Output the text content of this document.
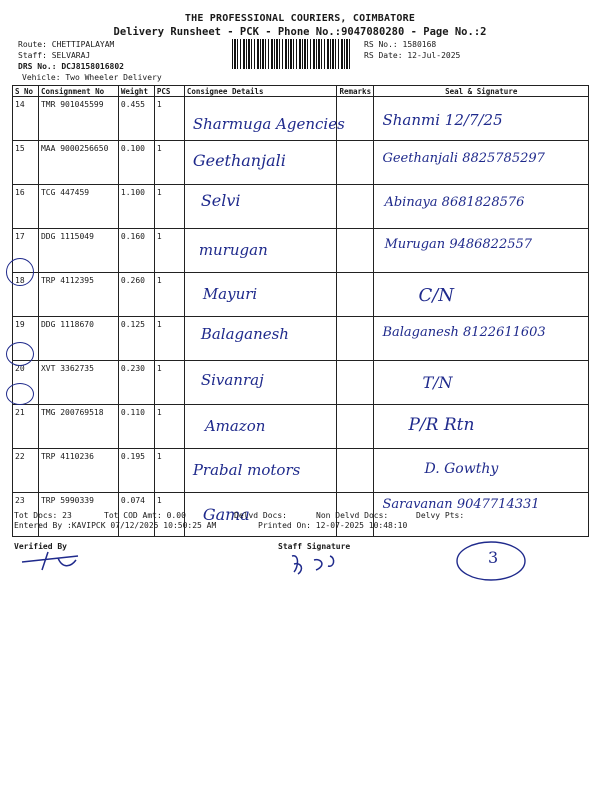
THE PROFESSIONAL COURIERS, COIMBATORE
Delivery Runsheet - PCK - Phone No.:9047080280 - Page No.:2
Route: CHETTIPALAYAM
Staff: SELVARAJ
DRS No.: DCJ8158016802
Vehicle: Two Wheeler Delivery
RS No.: 1580168
RS Date: 12-Jul-2025
S No	Consignment No	Weight	PCS	Consignee Details	Remarks	Seal & Signature
14	TMR 901045599	0.455	1	Sharmuga Agencies		Shanmi 12/7/25

15	MAA 9000256650	0.100	1	Geethanjali		Geethanjali 8825785297

16	TCG 447459	1.100	1	Selvi		Abinaya 8681828576

17	DDG 1115049	0.160	1	murugan		Murugan 9486822557

18	TRP 4112395	0.260	1	Mayuri		C/N

19	DDG 1118670	0.125	1	Balaganesh		Balaganesh 8122611603

20	XVT 3362735	0.230	1	Sivanraj		T/N

21	TMG 200769518	0.110	1	Amazon		P/R Rtn

22	TRP 4110236	0.195	1	Prabal motors		D. Gowthy

23	TRP 5990339	0.074	1	Gama		Saravanan 9047714331
Tot Docs: 23	Tot COD Amt: 0.00	Delvd Docs:	Non Delvd Docs:	Delvy Pts:
Entered By :KAVIPCK 07/12/2025 10:50:25 AM	Printed On: 12-07-2025 10:48:10
Verified By	Staff Signature
3
